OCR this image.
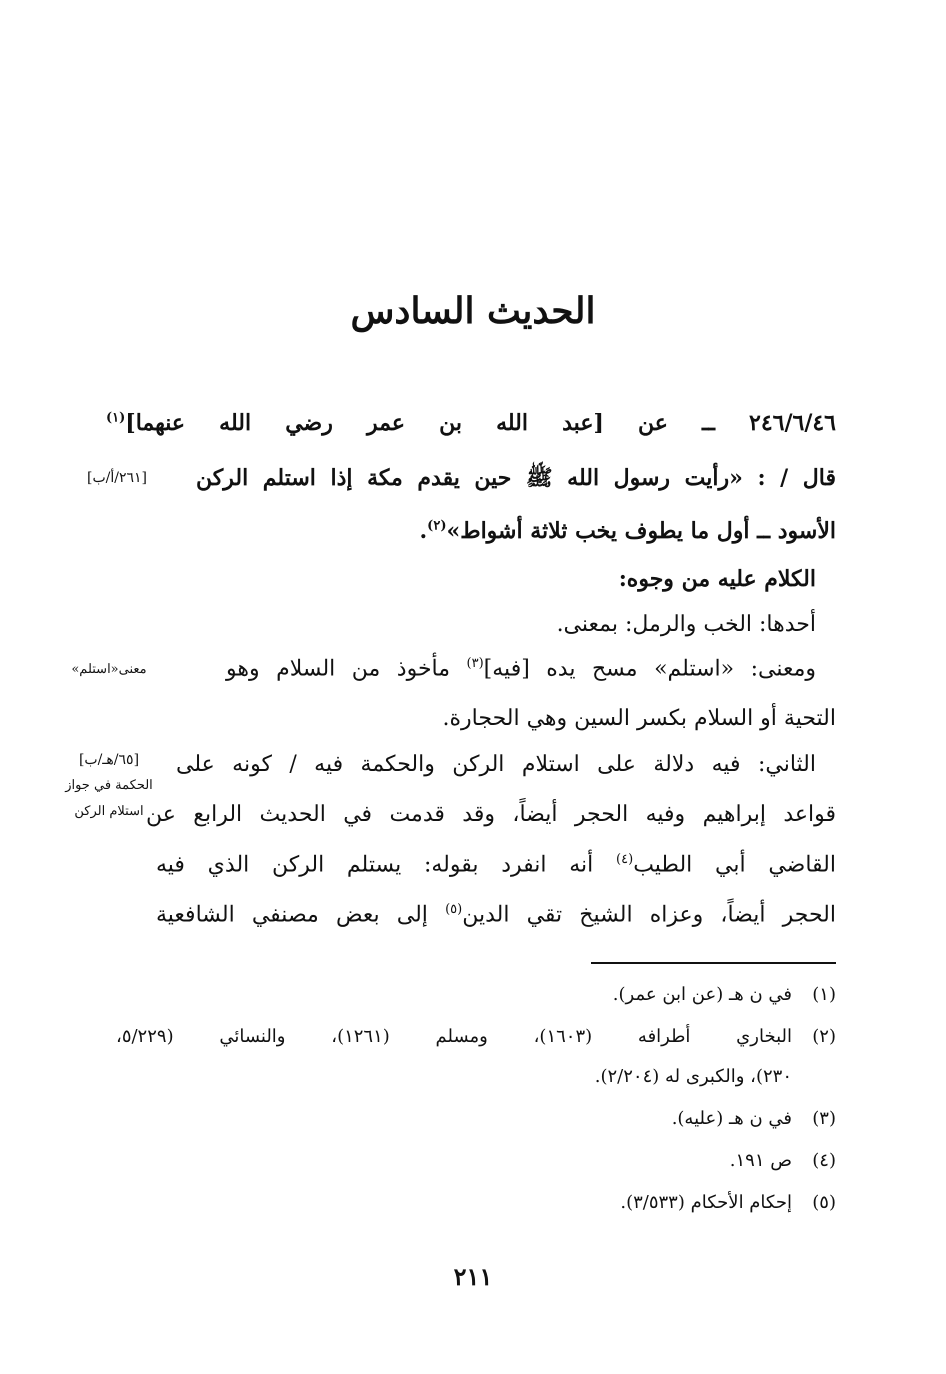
الحديث السادس
٢٤٦/٦/٤٦ ــ عن [عبد الله بن عمر رضي الله عنهما]$^{(١)}$
قال / : «رأيت رسول الله ﷺ حين يقدم مكة إذا استلم الركن
الأسود ــ أول ما يطوف يخب ثلاثة أشواط»$^{(٢)}$.
الكلام عليه من وجوه:
أحدها: الخب والرمل: بمعنى.
ومعنى: «استلم» مسح يده [فيه]$^{(٣)}$ مأخوذ من السلام وهو
التحية أو السلام بكسر السين وهي الحجارة.
الثاني: فيه دلالة على استلام الركن والحكمة فيه / كونه على
قواعد إبراهيم وفيه الحجر أيضاً، وقد قدمت في الحديث الرابع عن
القاضي أبي الطيب$^{(٤)}$ أنه انفرد بقوله: يستلم الركن الذي فيه
الحجر أيضاً، وعزاه الشيخ تقي الدين$^{(٥)}$ إلى بعض مصنفي الشافعية
[٢٦١/أ/ب]
معنى«استلم»
[٦٥/هـ/ب]
الحكمة في جواز
استلام الركن
(١)في ن هـ (عن ابن عمر).
(٢)البخاري أطرافه (١٦٠٣)، ومسلم (١٢٦١)، والنسائي (٥/٢٢٩،
٢٣٠)، والكبرى له (٢/٢٠٤).
(٣)في ن هـ (عليه).
(٤)ص ١٩١.
(٥)إحكام الأحكام (٣/٥٣٣).
٢١١
